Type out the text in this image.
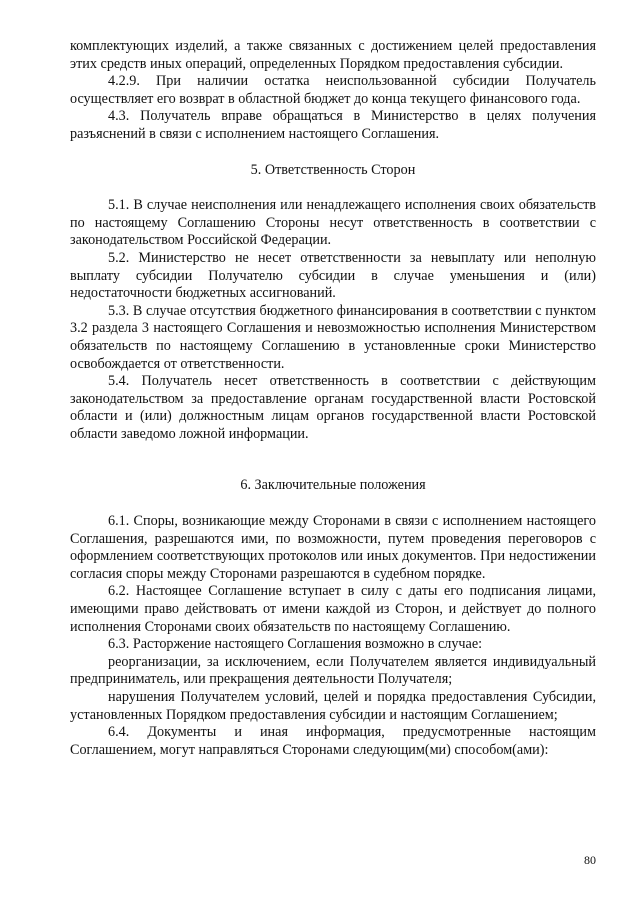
комплектующих изделий, а также связанных с достижением целей предоставления этих средств иных операций, определенных Порядком предоставления субсидии.

4.2.9. При наличии остатка неиспользованной субсидии Получатель осуществляет его возврат в областной бюджет до конца текущего финансового года.

4.3. Получатель вправе обращаться в Министерство в целях получения разъяснений в связи с исполнением настоящего Соглашения.

5. Ответственность Сторон

5.1. В случае неисполнения или ненадлежащего исполнения своих обязательств по настоящему Соглашению Стороны несут ответственность в соответствии с законодательством Российской Федерации.

5.2. Министерство не несет ответственности за невыплату или неполную выплату субсидии Получателю субсидии в случае уменьшения и (или) недостаточности бюджетных ассигнований.

5.3. В случае отсутствия бюджетного финансирования в соответствии с пунктом 3.2 раздела 3 настоящего Соглашения и невозможностью исполнения Министерством обязательств по настоящему Соглашению в установленные сроки Министерство освобождается от ответственности.

5.4. Получатель несет ответственность в соответствии с действующим законодательством за предоставление органам государственной власти Ростовской области и (или) должностным лицам органов государственной власти Ростовской области заведомо ложной информации.

6. Заключительные положения

6.1. Споры, возникающие между Сторонами в связи с исполнением настоящего Соглашения, разрешаются ими, по возможности, путем проведения переговоров с оформлением соответствующих протоколов или иных документов. При недостижении согласия споры между Сторонами разрешаются в судебном порядке.

6.2. Настоящее Соглашение вступает в силу с даты его подписания лицами, имеющими право действовать от имени каждой из Сторон, и действует до полного исполнения Сторонами своих обязательств по настоящему Соглашению.

6.3. Расторжение настоящего Соглашения возможно в случае:

реорганизации, за исключением, если Получателем является индивидуальный предприниматель, или прекращения деятельности Получателя;

нарушения Получателем условий, целей и порядка предоставления Субсидии, установленных Порядком предоставления субсидии и настоящим Соглашением;

6.4. Документы и иная информация, предусмотренные настоящим Соглашением, могут направляться Сторонами следующим(ми) способом(ами):

80
